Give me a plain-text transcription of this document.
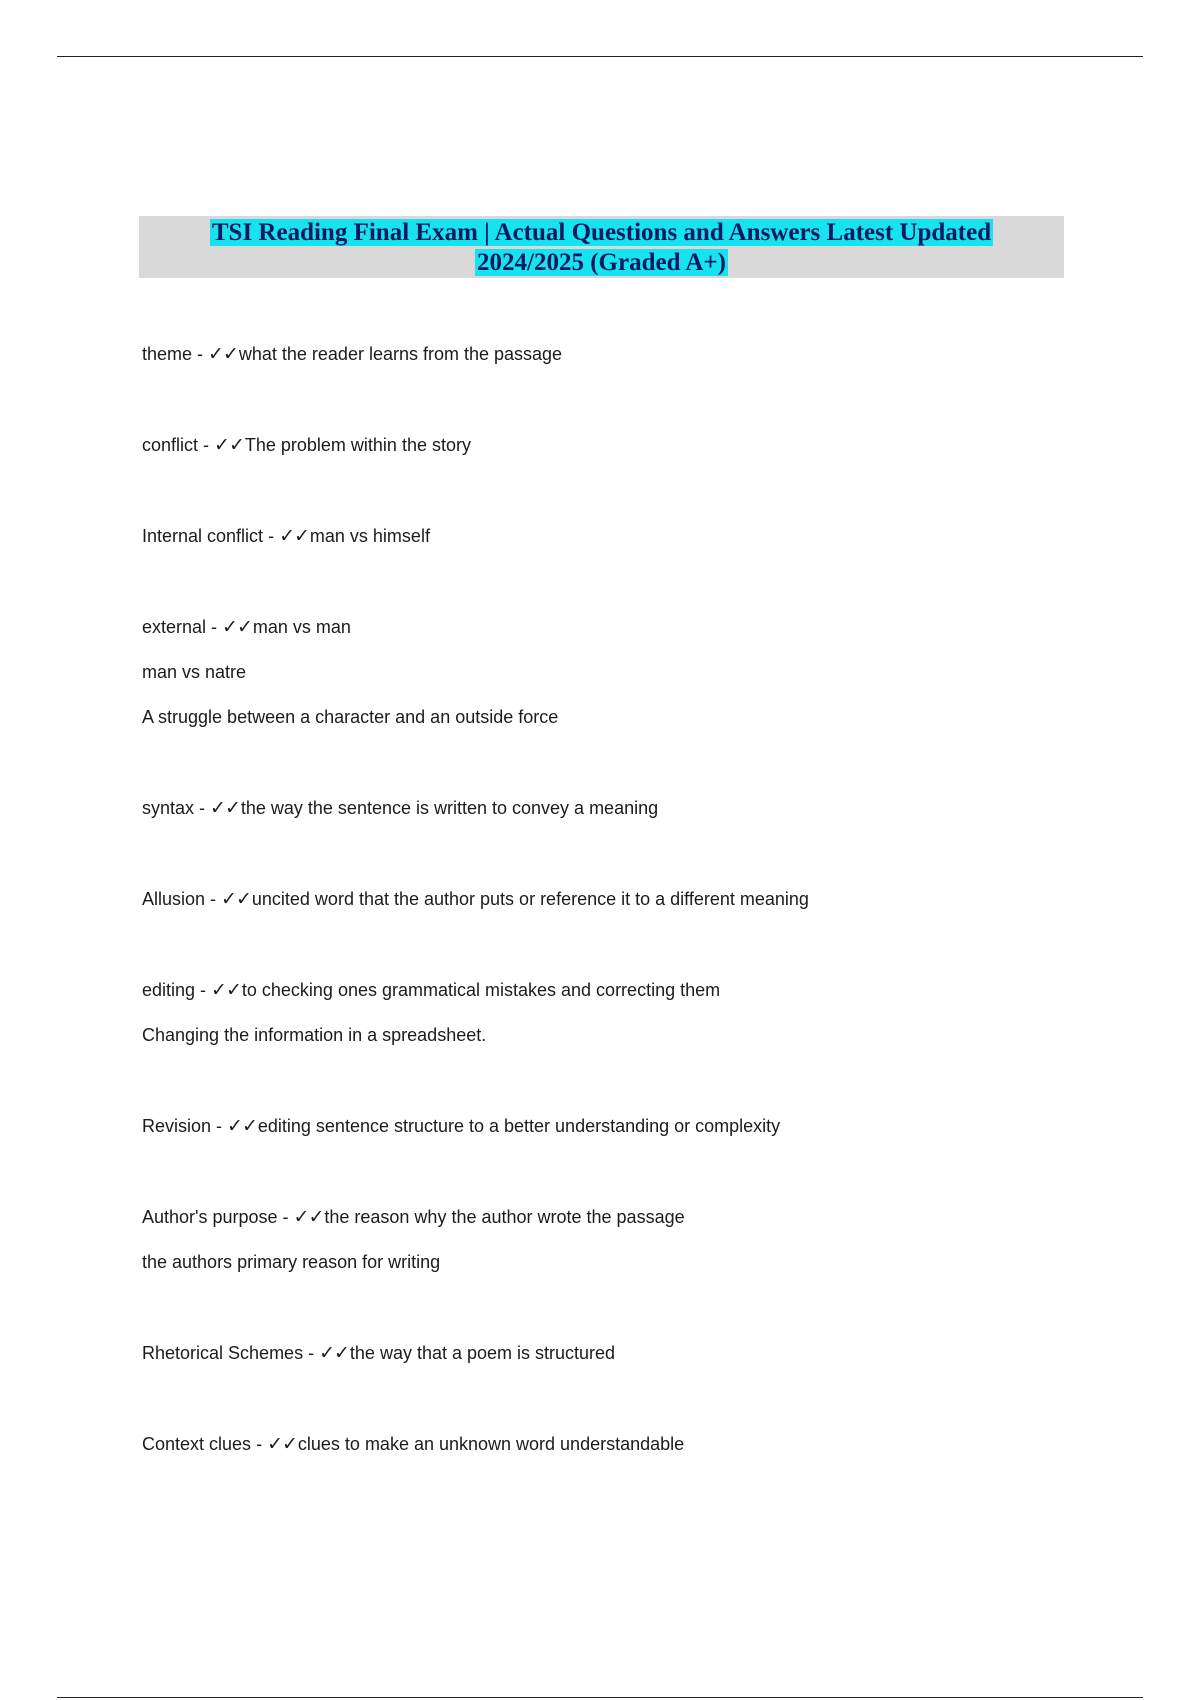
TSI Reading Final Exam | Actual Questions and Answers Latest Updated
2024/2025 (Graded A+)
theme - ✓✓what the reader learns from the passage
conflict - ✓✓The problem within the story
Internal conflict - ✓✓man vs himself
external - ✓✓man vs man
man vs natre
A struggle between a character and an outside force
syntax - ✓✓the way the sentence is written to convey a meaning
Allusion - ✓✓uncited word that the author puts or reference it to a different meaning
editing - ✓✓to checking ones grammatical mistakes and correcting them
Changing the information in a spreadsheet.
Revision - ✓✓editing sentence structure to a better understanding or complexity
Author's purpose - ✓✓the reason why the author wrote the passage
the authors primary reason for writing
Rhetorical Schemes - ✓✓the way that a poem is structured
Context clues - ✓✓clues to make an unknown word understandable
